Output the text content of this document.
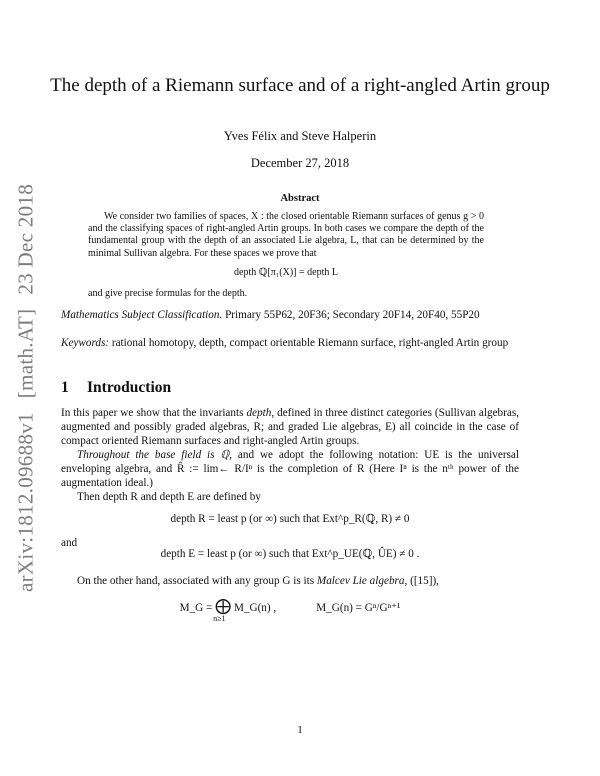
arXiv:1812.09688v1[math.AT]23 Dec 2018
The depth of a Riemann surface and of a right-angled Artin group
Yves Félix and Steve Halperin
December 27, 2018
Abstract

We consider two families of spaces, X : the closed orientable Riemann surfaces of genus g > 0 and the classifying spaces of right-angled Artin groups. In both cases we compare the depth of the fundamental group with the depth of an associated Lie algebra, L, that can be determined by the minimal Sullivan algebra. For these spaces we prove that

depth ℚ[π₁(X)] = depth L

and give precise formulas for the depth.

Mathematics Subject Classification. Primary 55P62, 20F36; Secondary 20F14, 20F40, 55P20
Keywords: rational homotopy, depth, compact orientable Riemann surface, right-angled Artin group
1 Introduction

In this paper we show that the invariants depth, defined in three distinct categories (Sullivan algebras, augmented and possibly graded algebras, R; and graded Lie algebras, E) all coincide in the case of compact oriented Riemann surfaces and right-angled Artin groups.

Throughout the base field is ℚ, and we adopt the following notation: UE is the universal enveloping algebra, and R̂ := lim← R/Iⁿ is the completion of R (Here Iⁿ is the nᵗʰ power of the augmentation ideal.)

Then depth R and depth E are defined by

depth R = least p (or ∞) such that Ext^p_R(ℚ, R) ≠ 0
and
depth E = least p (or ∞) such that Ext^p_UE(ℚ, ÛE) ≠ 0 .
On the other hand, associated with any group G is its Malcev Lie algebra, ([15]),
M_G = ⨁
n≥1
M_G(n) ,	M_G(n) = Gⁿ/Gⁿ⁺¹
1
